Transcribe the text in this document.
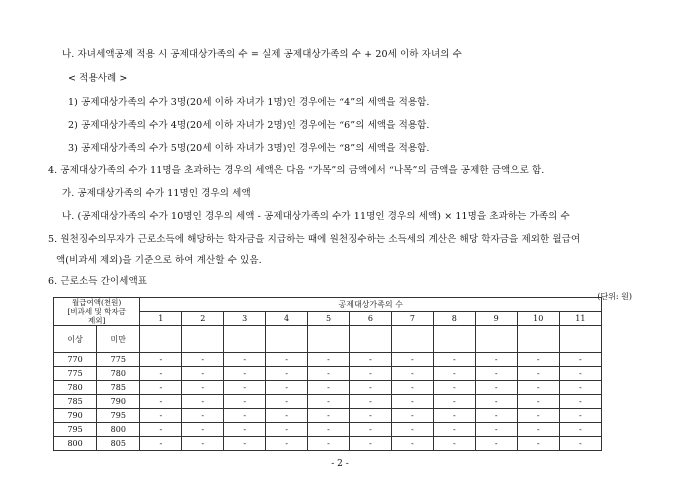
나. 자녀세액공제 적용 시 공제대상가족의 수 = 실제 공제대상가족의 수 + 20세 이하 자녀의 수
< 적용사례 >
1) 공제대상가족의 수가 3명(20세 이하 자녀가 1명)인 경우에는 “4”의 세액을 적용함.
2) 공제대상가족의 수가 4명(20세 이하 자녀가 2명)인 경우에는 “6”의 세액을 적용함.
3) 공제대상가족의 수가 5명(20세 이하 자녀가 3명)인 경우에는 “8”의 세액을 적용함.
4. 공제대상가족의 수가 11명을 초과하는 경우의 세액은 다음 “가목”의 금액에서 “나목”의 금액을 공제한 금액으로 함.
가. 공제대상가족의 수가 11명인 경우의 세액
나. (공제대상가족의 수가 10명인 경우의 세액 - 공제대상가족의 수가 11명인 경우의 세액) × 11명을 초과하는 가족의 수
5. 원천징수의무자가 근로소득에 해당하는 학자금을 지급하는 때에 원천징수하는 소득세의 계산은 해당 학자금을 제외한 월급여
액(비과세 제외)을 기준으로 하여 계산할 수 있음.
6. 근로소득 간이세액표
(단위: 원)
월급여액(천원)
[비과세 및 학자금
제외]		공제대상가족의 수										
		1	2	3	4	5	6	7	8	9	10	11
이상	미만											
770	775	-	-	-	-	-	-	-	-	-	-	-
775	780	-	-	-	-	-	-	-	-	-	-	-
780	785	-	-	-	-	-	-	-	-	-	-	-
785	790	-	-	-	-	-	-	-	-	-	-	-
790	795	-	-	-	-	-	-	-	-	-	-	-
795	800	-	-	-	-	-	-	-	-	-	-	-
800	805	-	-	-	-	-	-	-	-	-	-	-
- 2 -
